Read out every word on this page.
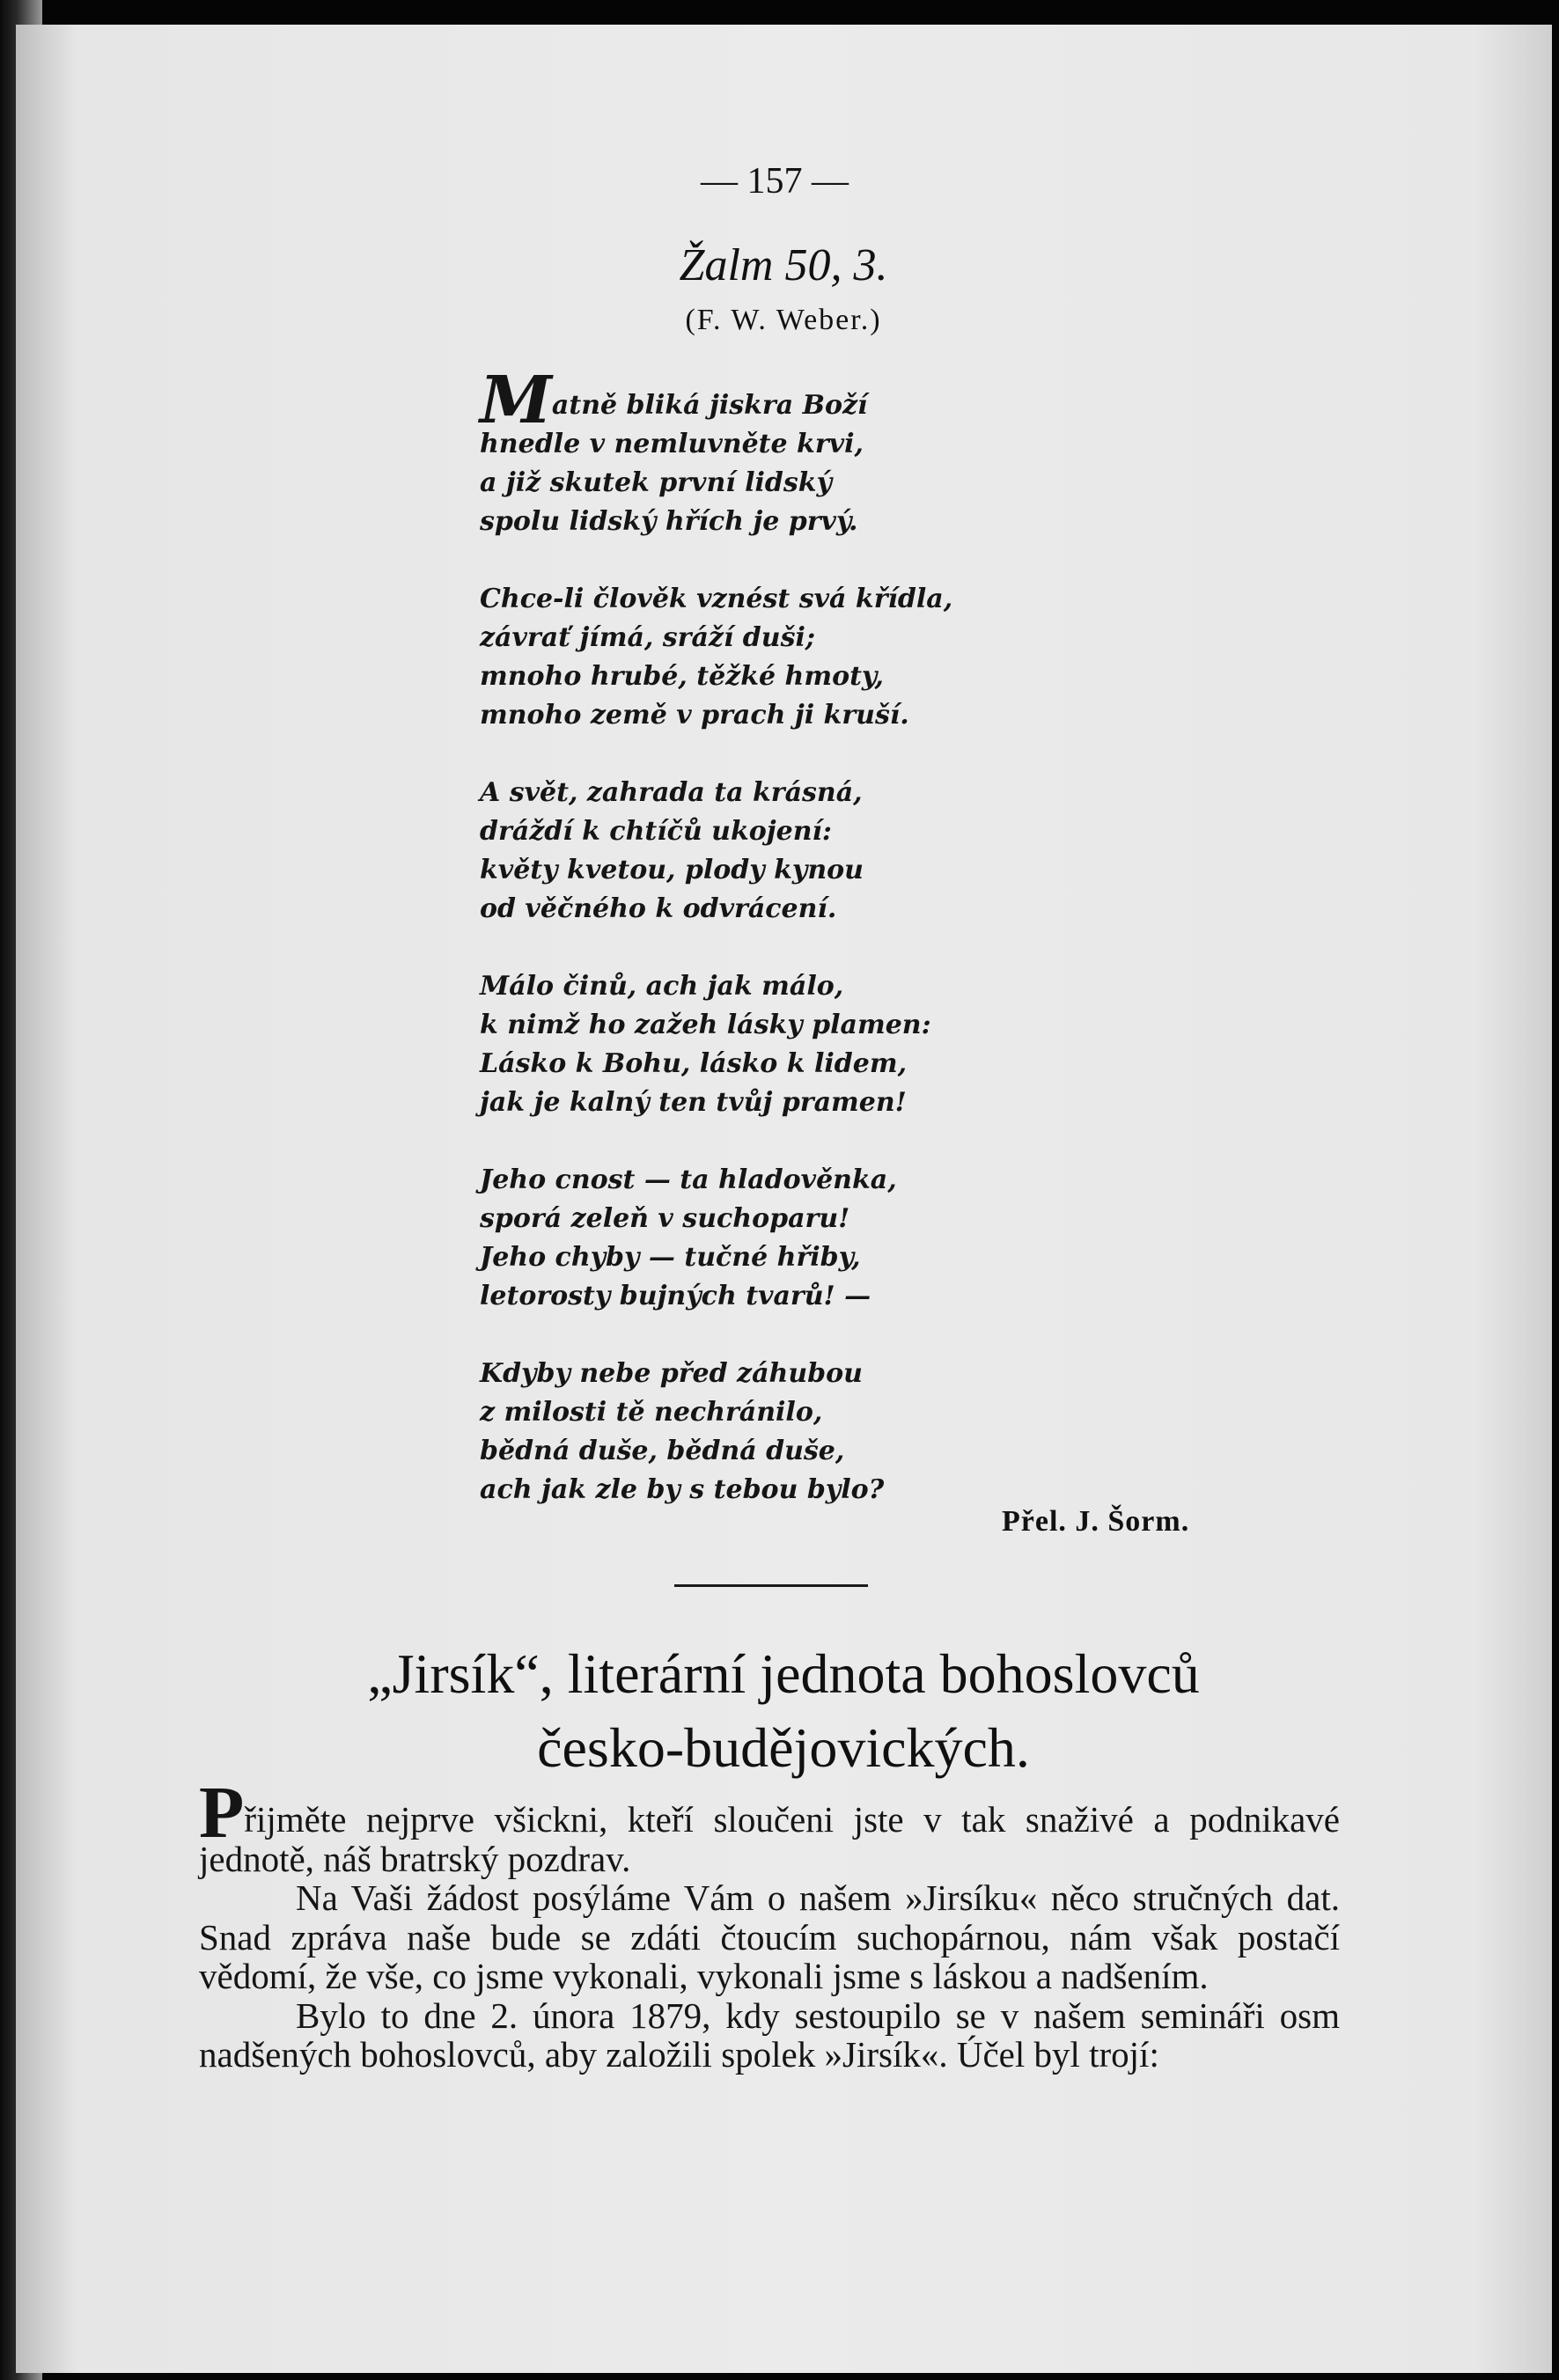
— 157 —
Žalm 50, 3.
(F. W. Weber.)
Matně bliká jiskra Boží
hnedle v nemluvněte krvi,
a již skutek první lidský
spolu lidský hřích je prvý.
Chce-li člověk vznést svá křídla,
závrať jímá, sráží duši;
mnoho hrubé, těžké hmoty,
mnoho země v prach ji kruší.
A svět, zahrada ta krásná,
dráždí k chtíčů ukojení:
květy kvetou, plody kynou
od věčného k odvrácení.
Málo činů, ach jak málo,
k nimž ho zažeh lásky plamen:
Lásko k Bohu, lásko k lidem,
jak je kalný ten tvůj pramen!
Jeho cnost — ta hladověnka,
sporá zeleň v suchoparu!
Jeho chyby — tučné hřiby,
letorosty bujných tvarů! —
Kdyby nebe před záhubou
z milosti tě nechránilo,
bědná duše, bědná duše,
ach jak zle by s tebou bylo?
Přel. J. Šorm.
„Jirsík“, literární jednota bohoslovců
česko-budějovických.

Přijměte nejprve všickni, kteří sloučeni jste v tak snaživé a podnikavé jednotě, náš bratrský pozdrav.

Na Vaši žádost posýláme Vám o našem »Jirsíku« něco stručných dat. Snad zpráva naše bude se zdáti čtoucím suchopárnou, nám však postačí vědomí, že vše, co jsme vykonali, vykonali jsme s láskou a nadšením.

Bylo to dne 2. února 1879, kdy sestoupilo se v našem semináři osm nadšených bohoslovců, aby založili spolek »Jirsík«. Účel byl trojí:
